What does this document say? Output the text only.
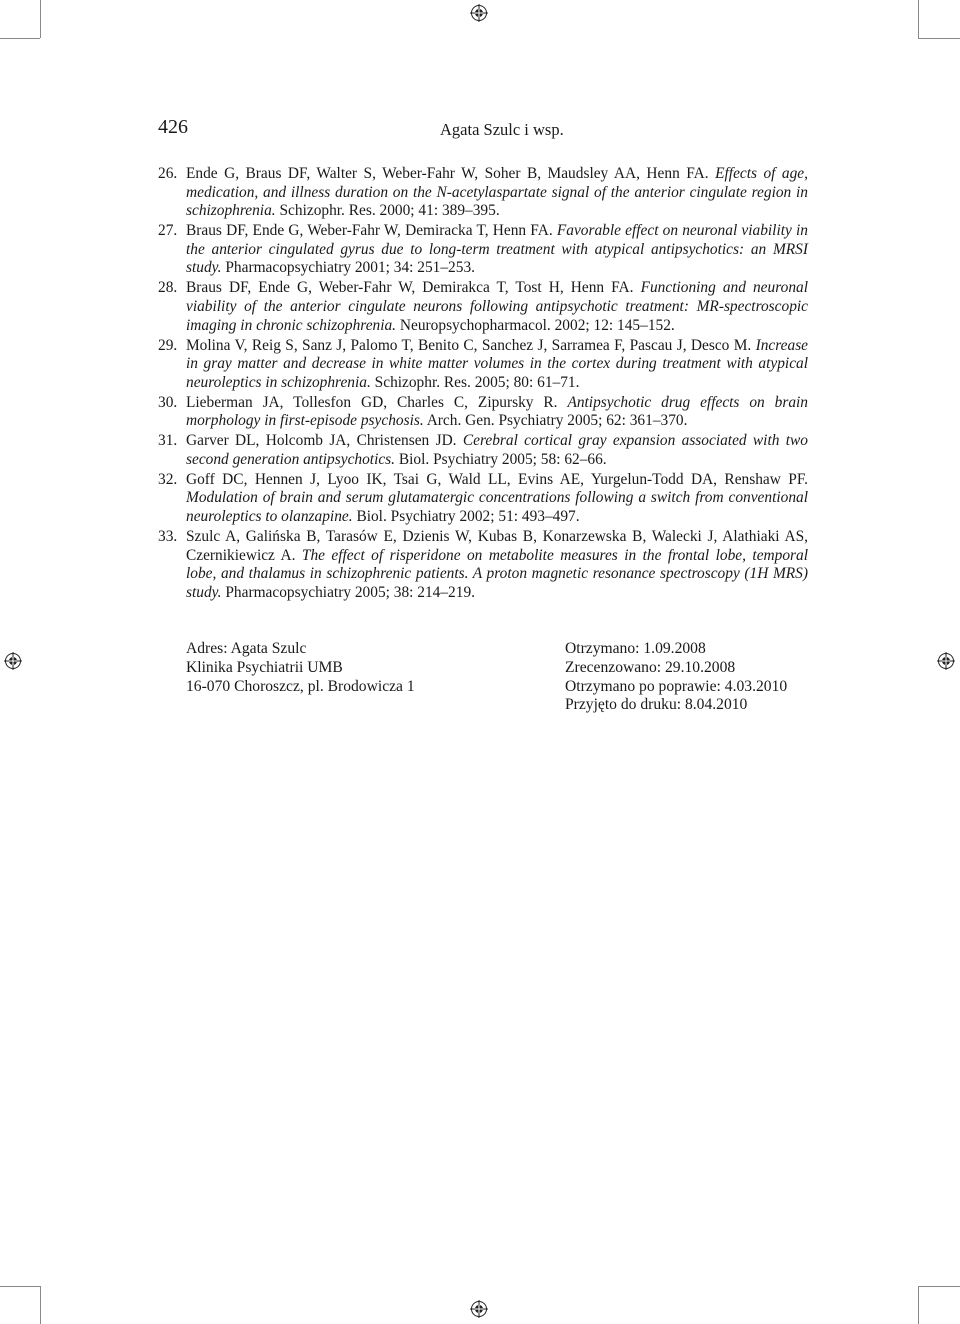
426	Agata Szulc i wsp.
26. Ende G, Braus DF, Walter S, Weber-Fahr W, Soher B, Maudsley AA, Henn FA. Effects of age, medication, and illness duration on the N-acetylaspartate signal of the anterior cingulate region in schizophrenia. Schizophr. Res. 2000; 41: 389–395.
27. Braus DF, Ende G, Weber-Fahr W, Demiracka T, Henn FA. Favorable effect on neuronal viability in the anterior cingulated gyrus due to long-term treatment with atypical antipsychotics: an MRSI study. Pharmacopsychiatry 2001; 34: 251–253.
28. Braus DF, Ende G, Weber-Fahr W, Demirakca T, Tost H, Henn FA. Functioning and neuronal viability of the anterior cingulate neurons following antipsychotic treatment: MR-spectroscopic imaging in chronic schizophrenia. Neuropsychopharmacol. 2002; 12: 145–152.
29. Molina V, Reig S, Sanz J, Palomo T, Benito C, Sanchez J, Sarramea F, Pascau J, Desco M. Increase in gray matter and decrease in white matter volumes in the cortex during treatment with atypical neuroleptics in schizophrenia. Schizophr. Res. 2005; 80: 61–71.
30. Lieberman JA, Tollesfon GD, Charles C, Zipursky R. Antipsychotic drug effects on brain morphology in first-episode psychosis. Arch. Gen. Psychiatry 2005; 62: 361–370.
31. Garver DL, Holcomb JA, Christensen JD. Cerebral cortical gray expansion associated with two second generation antipsychotics. Biol. Psychiatry 2005; 58: 62–66.
32. Goff DC, Hennen J, Lyoo IK, Tsai G, Wald LL, Evins AE, Yurgelun-Todd DA, Renshaw PF. Modulation of brain and serum glutamatergic concentrations following a switch from conventional neuroleptics to olanzapine. Biol. Psychiatry 2002; 51: 493–497.
33. Szulc A, Galińska B, Tarasów E, Dzienis W, Kubas B, Konarzewska B, Walecki J, Alathiaki AS, Czernikiewicz A. The effect of risperidone on metabolite measures in the frontal lobe, temporal lobe, and thalamus in schizophrenic patients. A proton magnetic resonance spectroscopy (1H MRS) study. Pharmacopsychiatry 2005; 38: 214–219.
Adres: Agata Szulc
Klinika Psychiatrii UMB
16-070 Choroszcz, pl. Brodowicza 1
Otrzymano: 1.09.2008
Zrecenzowano: 29.10.2008
Otrzymano po poprawie: 4.03.2010
Przyjęto do druku: 8.04.2010
